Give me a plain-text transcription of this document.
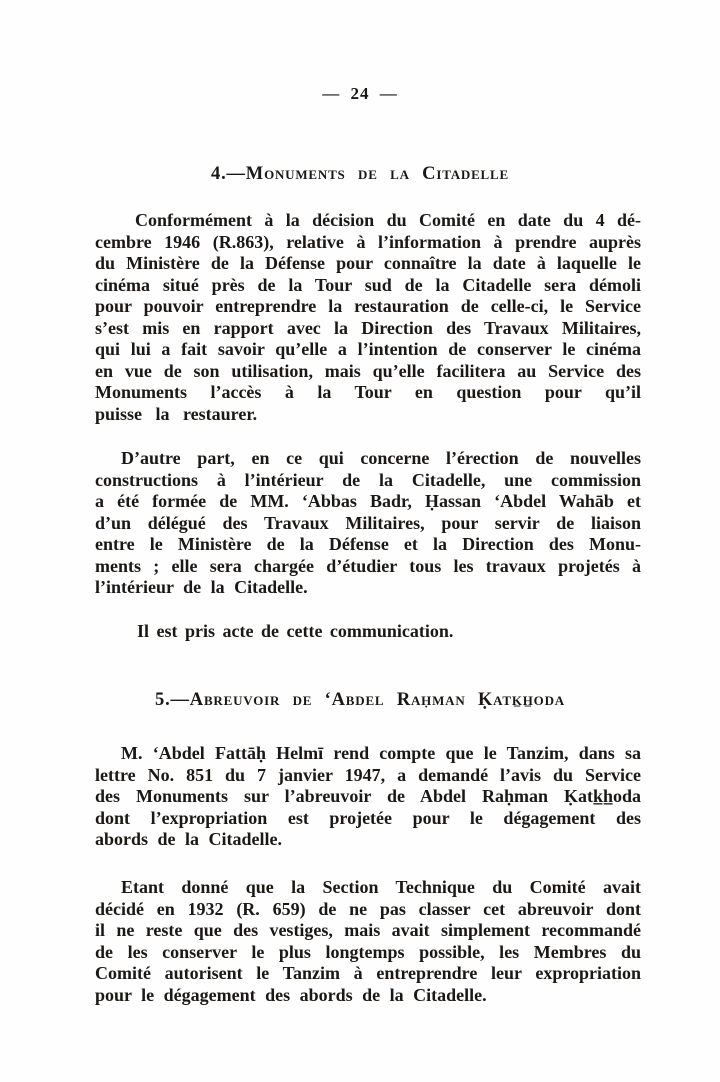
— 24 —
4.—Monuments de la Citadelle
Conformément à la décision du Comité en date du 4 dé-
cembre 1946 (R.863), relative à l’information à prendre auprès
du Ministère de la Défense pour connaître la date à laquelle le
cinéma situé près de la Tour sud de la Citadelle sera démoli
pour pouvoir entreprendre la restauration de celle-ci, le Service
s’est mis en rapport avec la Direction des Travaux Militaires,
qui lui a fait savoir qu’elle a l’intention de conserver le cinéma
en vue de son utilisation, mais qu’elle facilitera au Service des
Monuments l’accès à la Tour en question pour qu’il
puisse la restaurer.
D’autre part, en ce qui concerne l’érection de nouvelles
constructions à l’intérieur de la Citadelle, une commission
a été formée de MM. ‘Abbas Badr, Ḥassan ‘Abdel Wahāb et
d’un délégué des Travaux Militaires, pour servir de liaison
entre le Ministère de la Défense et la Direction des Monu-
ments ; elle sera chargée d’étudier tous les travaux projetés à
l’intérieur de la Citadelle.
Il est pris acte de cette communication.
5.—Abreuvoir de ‘Abdel Raḥman Ḳatk̲h̲oda
M. ‘Abdel Fattāḥ Helmī rend compte que le Tanzim, dans sa
lettre No. 851 du 7 janvier 1947, a demandé l’avis du Service
des Monuments sur l’abreuvoir de Abdel Raḥman Ḳatk̲h̲oda
dont l’expropriation est projetée pour le dégagement des
abords de la Citadelle.
Etant donné que la Section Technique du Comité avait
décidé en 1932 (R. 659) de ne pas classer cet abreuvoir dont
il ne reste que des vestiges, mais avait simplement recommandé
de les conserver le plus longtemps possible, les Membres du
Comité autorisent le Tanzim à entreprendre leur expropriation
pour le dégagement des abords de la Citadelle.
